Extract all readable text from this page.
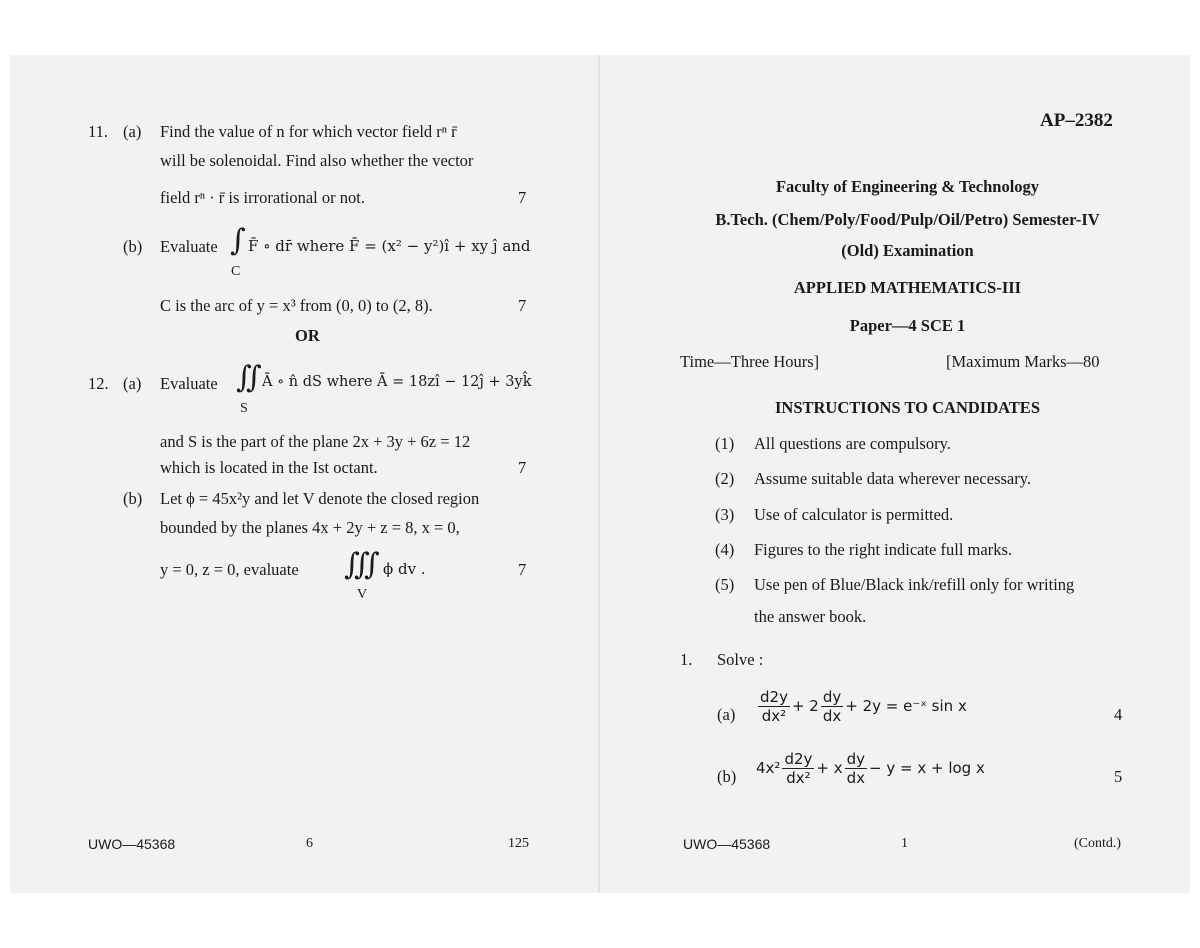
11. (a) Find the value of n for which vector field rⁿ r̄
will be solenoidal. Find also whether the vector
field rⁿ · r̄ is irrorational or not.	7
(b) Evaluate ∫
C
F̄ ∘ dr̄ where F̄ = (x² − y²)î + xy ĵ and
C is the arc of y = x³ from (0, 0) to (2, 8).	7
OR
12. (a) Evaluate ∬
S
Ā ∘ n̂ dS where Ā = 18zî − 12ĵ + 3yk̂
and S is the part of the plane 2x + 3y + 6z = 12
which is located in the Ist octant.	7
(b) Let ϕ = 45x²y and let V denote the closed region
bounded by the planes 4x + 2y + z = 8, x = 0,
y = 0, z = 0, evaluate ∭
V
ϕ dv .	7
UWO—45368	6	125
AP–2382
Faculty of Engineering & Technology
B.Tech. (Chem/Poly/Food/Pulp/Oil/Petro) Semester-IV
(Old) Examination
APPLIED MATHEMATICS-III
Paper—4 SCE 1
Time—Three Hours]	[Maximum Marks—80
INSTRUCTIONS TO CANDIDATES
(1) All questions are compulsory.
(2) Assume suitable data wherever necessary.
(3) Use of calculator is permitted.
(4) Figures to the right indicate full marks.
(5) Use pen of Blue/Black ink/refill only for writing
the answer book.
1. Solve :
$(a) \frac{d2y}{\text{dx²}} + 2 \frac{dy}{dx} + 2y$ = e⁻ˣ sin x	4
(b) $4x^2 \frac{d2y}{\text{dx²}} + x \frac{dy}{dx} - y = x + \log x$	5
UWO—45368	1	(Contd.)
